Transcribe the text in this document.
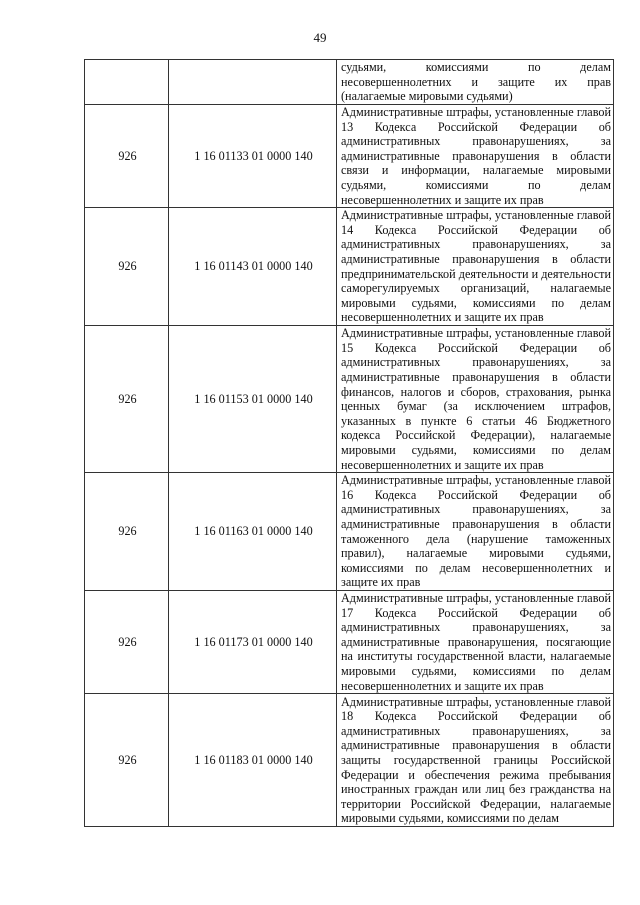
49
		судьями, комиссиями по делам несовершеннолетних и защите их прав (налагаемые мировыми судьями)
926	1 16 01133 01 0000 140	Административные штрафы, установленные главой 13 Кодекса Российской Федерации об административных правонарушениях, за административные правонарушения в области связи и информации, налагаемые мировыми судьями, комиссиями по делам несовершеннолетних и защите их прав
926	1 16 01143 01 0000 140	Административные штрафы, установленные главой 14 Кодекса Российской Федерации об административных правонарушениях, за административные правонарушения в области предпринимательской деятельности и деятельности саморегулируемых организаций, налагаемые мировыми судьями, комиссиями по делам несовершеннолетних и защите их прав
926	1 16 01153 01 0000 140	Административные штрафы, установленные главой 15 Кодекса Российской Федерации об административных правонарушениях, за административные правонарушения в области финансов, налогов и сборов, страхования, рынка ценных бумаг (за исключением штрафов, указанных в пункте 6 статьи 46 Бюджетного кодекса Российской Федерации), налагаемые мировыми судьями, комиссиями по делам несовершеннолетних и защите их прав
926	1 16 01163 01 0000 140	Административные штрафы, установленные главой 16 Кодекса Российской Федерации об административных правонарушениях, за административные правонарушения в области таможенного дела (нарушение таможенных правил), налагаемые мировыми судьями, комиссиями по делам несовершеннолетних и защите их прав
926	1 16 01173 01 0000 140	Административные штрафы, установленные главой 17 Кодекса Российской Федерации об административных правонарушениях, за административные правонарушения, посягающие на институты государственной власти, налагаемые мировыми судьями, комиссиями по делам несовершеннолетних и защите их прав
926	1 16 01183 01 0000 140	Административные штрафы, установленные главой 18 Кодекса Российской Федерации об административных правонарушениях, за административные правонарушения в области защиты государственной границы Российской Федерации и обеспечения режима пребывания иностранных граждан или лиц без гражданства на территории Российской Федерации, налагаемые мировыми судьями, комиссиями по делам
